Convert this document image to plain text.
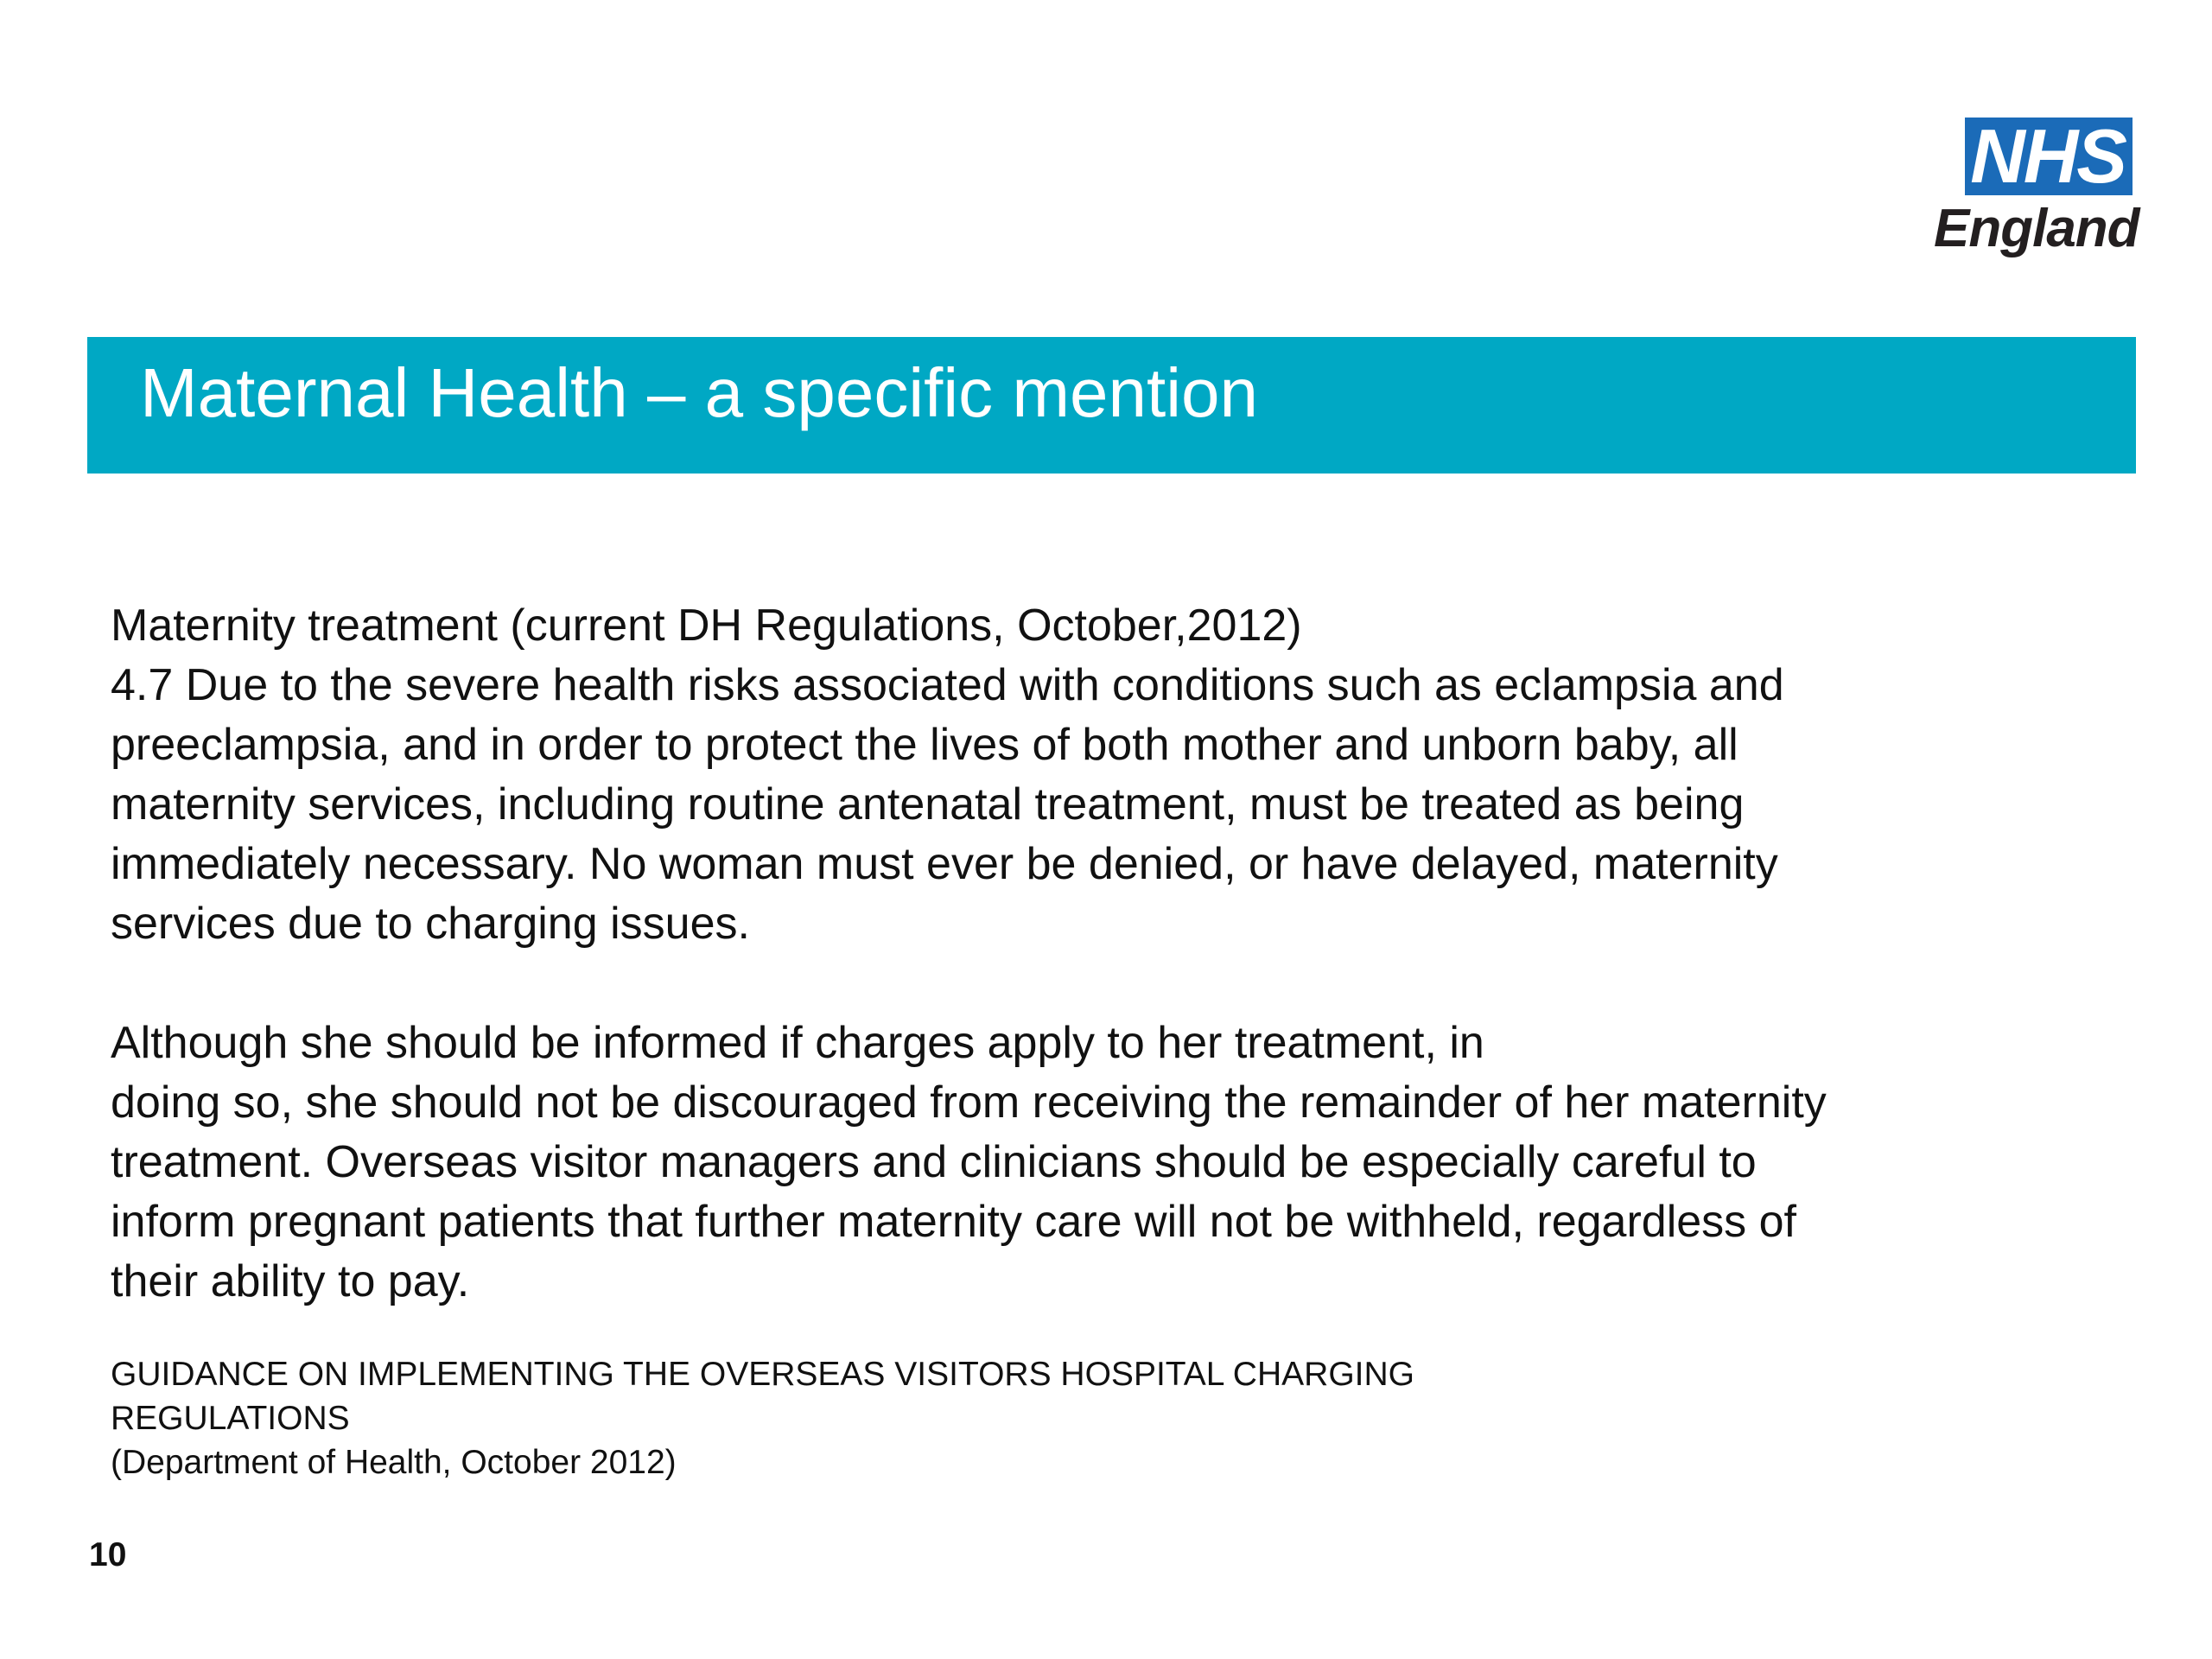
NHS
England
Maternal Health – a specific mention

Maternity treatment (current DH Regulations, October,2012)
4.7 Due to the severe health risks associated with conditions such as eclampsia and
preeclampsia, and in order to protect the lives of both mother and unborn baby, all
maternity services, including routine antenatal treatment, must be treated as being
immediately necessary. No woman must ever be denied, or have delayed, maternity
services due to charging issues.

Although she should be informed if charges apply to her treatment, in
doing so, she should not be discouraged from receiving the remainder of her maternity
treatment. Overseas visitor managers and clinicians should be especially careful to
inform pregnant patients that further maternity care will not be withheld, regardless of
their ability to pay.

GUIDANCE ON IMPLEMENTING THE OVERSEAS VISITORS HOSPITAL CHARGING
REGULATIONS
(Department of Health, October 2012)
10
